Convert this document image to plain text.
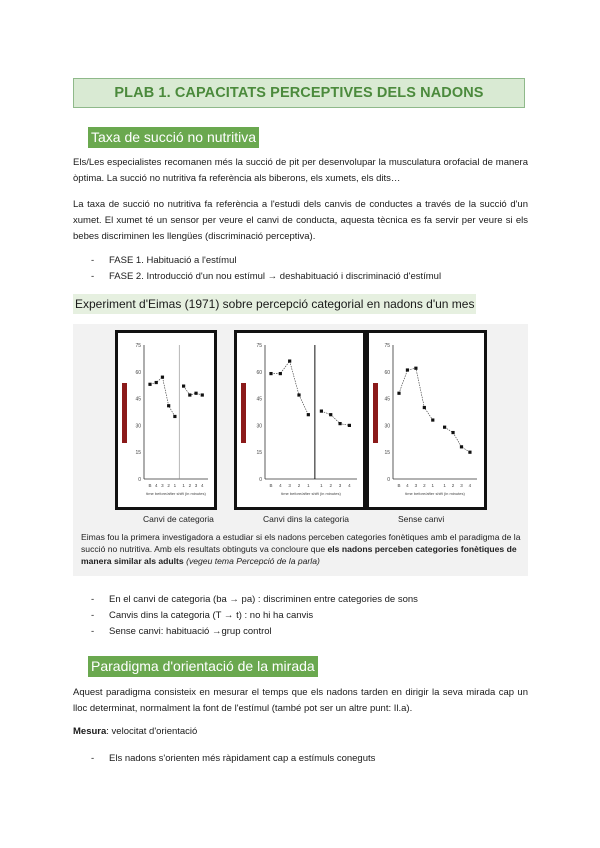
PLAB 1. CAPACITATS PERCEPTIVES DELS NADONS
Taxa de succió no nutritiva
Els/Les especialistes recomanen més la succió de pit per desenvolupar la musculatura orofacial de manera òptima. La succió no nutritiva fa referència als biberons, els xumets, els dits…
La taxa de succió no nutritiva fa referència a l'estudi dels canvis de conductes a través de la succió d'un xumet. El xumet té un sensor per veure el canvi de conducta, aquesta tècnica es fa servir per veure si els bebes discriminen les llengües (discriminació perceptiva).
- FASE 1. Habituació a l'estímul
- FASE 2. Introducció d'un nou estímul → deshabituació i discriminació d'estímul
Experiment d'Eimas (1971) sobre percepció categorial en nadons d'un mes
75
60
45
30
15
0
B 4 3 2 1 1 2 3 4
time before/after shift (in minutes)
75
60
45
30
15
0
B 4 3 2 1 1 2 3 4
time before/after shift (in minutes)
75
60
45
30
15
0
B 4 3 2 1 1 2 3 4
time before/after shift (in minutes)
Canvi de categoria	Canvi dins la categoria	Sense canvi
Eimas fou la primera investigadora a estudiar si els nadons perceben categories fonètiques amb el paradigma de la succió no nutritiva. Amb els resultats obtinguts va concloure que els nadons perceben categories fonètiques de manera similar als adults (vegeu tema Percepció de la parla)
- En el canvi de categoria (ba → pa) : discriminen entre categories de sons
- Canvis dins la categoria (T → t) : no hi ha canvis
- Sense canvi: habituació →grup control
Paradigma d'orientació de la mirada
Aquest paradigma consisteix en mesurar el temps que els nadons tarden en dirigir la seva mirada cap un lloc determinat, normalment la font de l'estímul (també pot ser un altre punt: Il.a).
Mesura: velocitat d'orientació
- Els nadons s'orienten més ràpidament cap a estímuls coneguts
